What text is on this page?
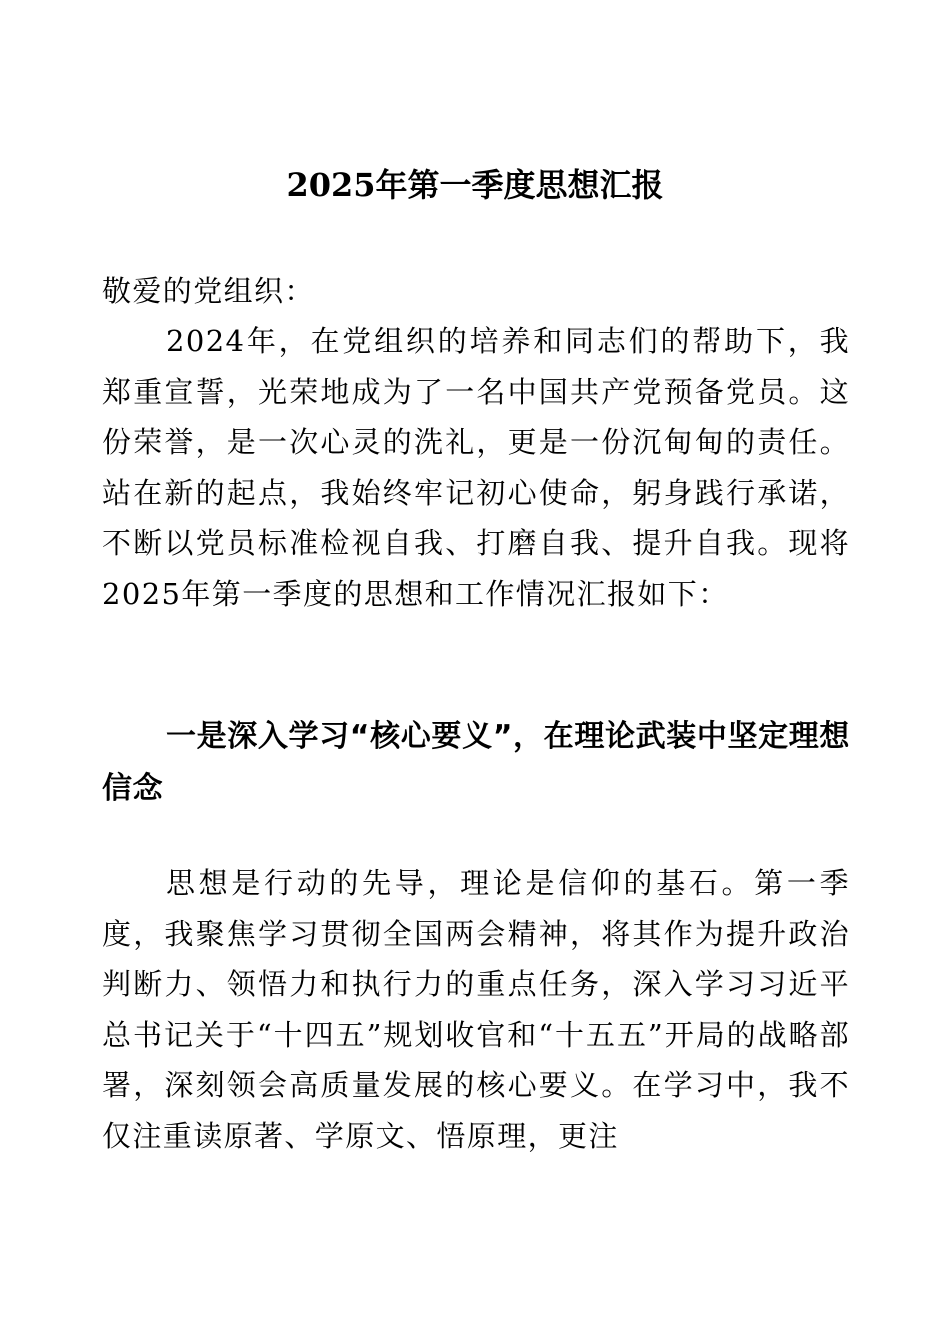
2025年第一季度思想汇报

敬爱的党组织：

2024年，在党组织的培养和同志们的帮助下，我郑重宣誓，光荣地成为了一名中国共产党预备党员。这份荣誉，是一次心灵的洗礼，更是一份沉甸甸的责任。站在新的起点，我始终牢记初心使命，躬身践行承诺，不断以党员标准检视自我、打磨自我、提升自我。现将2025年第一季度的思想和工作情况汇报如下：

一是深入学习“核心要义”，在理论武装中坚定理想信念

思想是行动的先导，理论是信仰的基石。第一季度，我聚焦学习贯彻全国两会精神，将其作为提升政治判断力、领悟力和执行力的重点任务，深入学习习近平总书记关于“十四五”规划收官和“十五五”开局的战略部署，深刻领会高质量发展的核心要义。在学习中，我不仅注重读原著、学原文、悟原理，更注
